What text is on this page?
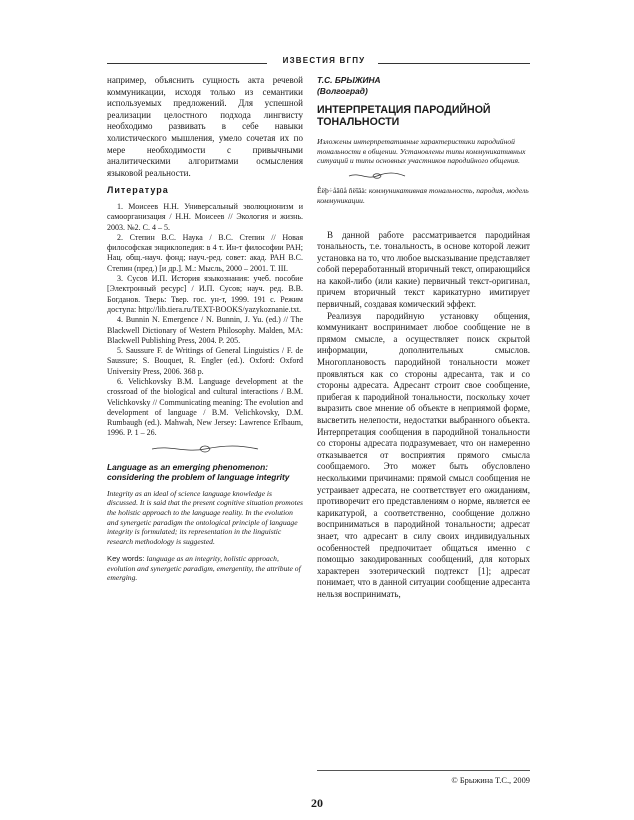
ИЗВЕСТИЯ ВГПУ

например, объяснить сущность акта речевой коммуникации, исходя только из семантики используемых предложений. Для успешной реализации целостного подхода лингвисту необходимо развивать в себе навыки холистического мышления, умело сочетая их по мере необходимости с привычными аналитическими алгоритмами осмысления языковой реальности.

Литература

1. Моисеев Н.Н. Универсальный эволюционизм и самоорганизация / Н.Н. Моисеев // Экология и жизнь. 2003. №2. С. 4 – 5.

2. Степин В.С. Наука / В.С. Степин // Новая философская энциклопедия: в 4 т. Ин-т философии РАН; Нац. общ.-науч. фонд; науч.-ред. совет: акад. РАН В.С. Степин (пред.) [и др.]. М.: Мысль, 2000 – 2001. Т. III.

3. Сусов И.П. История языкознания: учеб. пособие [Электронный ресурс] / И.П. Сусов; науч. ред. В.В. Богданов. Тверь: Твер. гос. ун-т, 1999. 191 с. Режим доступа: http://lib.tiera.ru/TEXT-BOOKS/yazykoznanie.txt.

4. Bunnin N. Emergence / N. Bunnin, J. Yu. (ed.) // The Blackwell Dictionary of Western Philosophy. Malden, MA: Blackwell Publishing Press, 2004. P. 205.

5. Saussure F. de Writings of General Linguistics / F. de Saussure; S. Bouquet, R. Engler (ed.). Oxford: Oxford University Press, 2006. 368 p.

6. Velichkovsky B.M. Language development at the crossroad of the biological and cultural interactions / B.M. Velichkovsky // Communicating meaning: The evolution and development of language / B.M. Velichkovsky, D.M. Rumbaugh (ed.). Mahwah, New Jersey: Lawrence Erlbaum, 1996. P. 1 – 26.

Language as an emerging phenomenon: considering the problem of language integrity

Integrity as an ideal of science language knowledge is discussed. It is said that the present cognitive situation promotes the holistic approach to the language reality. In the evolution and synergetic paradigm the ontological principle of language integrity is formulated; its representation in the linguistic research methodology is suggested.

Key words: language as an integrity, holistic approach, evolution and synergetic paradigm, emergentity, the attribute of emerging.

Т.С. БРЫЖИНА
(Волгоград)
ИНТЕРПРЕТАЦИЯ ПАРОДИЙНОЙ ТОНАЛЬНОСТИ

Изложены интерпретативные характеристики пародийной тональности в общении. Установлены типы коммуникативных ситуаций и типы основных участников пародийного общения.

Êëþ÷åâûå ñëîâà: коммуникативная тональность, пародия, модель коммуникации.

В данной работе рассматривается пародийная тональность, т.е. тональность, в основе которой лежит установка на то, что любое высказывание представляет собой переработанный вторичный текст, опирающийся на какой-либо (или какие) первичный текст-оригинал, причем вторичный текст карикатурно имитирует первичный, создавая комический эффект.

Реализуя пародийную установку общения, коммуникант воспринимает любое сообщение не в прямом смысле, а осуществляет поиск скрытой информации, дополнительных смыслов. Многоплановость пародийной тональности может проявляться как со стороны адресанта, так и со стороны адресата. Адресант строит свое сообщение, прибегая к пародийной тональности, поскольку хочет выразить свое мнение об объекте в неприямой форме, высветить нелепости, недостатки выбранного объекта. Интерпретация сообщения в пародийной тональности со стороны адресата подразумевает, что он намеренно отказывается от восприятия прямого смысла сообщаемого. Это может быть обусловлено несколькими причинами: прямой смысл сообщения не устраивает адресата, не соответствует его ожиданиям, противоречит его представлениям о норме, является ее карикатурой, а соответственно, сообщение должно восприниматься в пародийной тональности; адресат знает, что адресант в силу своих индивидуальных особенностей предпочитает общаться именно с помощью закодированных сообщений, для которых характерен эзотерический подтекст [1]; адресат понимает, что в данной ситуации сообщение адресанта нельзя воспринимать,

© Брыжина Т.С., 2009
20
